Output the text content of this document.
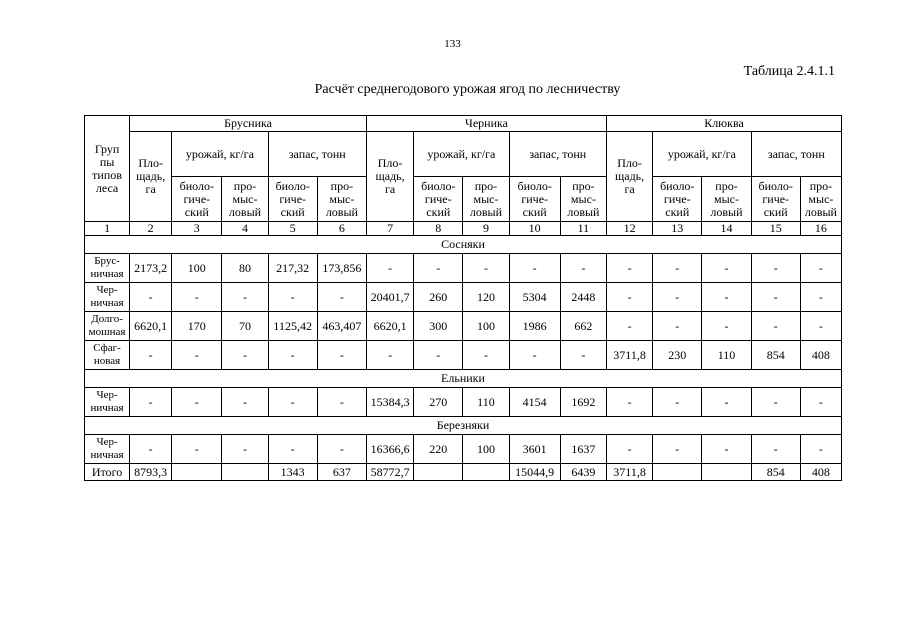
133
Таблица 2.4.1.1
Расчёт среднегодового урожая ягод по лесничеству
Груп пы типов леса	Брусника					Черника					Клюква				
	Пло-щадь, га	урожай, кг/га		запас, тонн		Пло-щадь, га	урожай, кг/га		запас, тонн		Пло-щадь, га	урожай, кг/га		запас, тонн	
		биоло-гиче-ский	про-мыс-ловый	биоло-гиче-ский	про-мыс-ловый		биоло-гиче-ский	про-мыс-ловый	биоло-гиче-ский	про-мыс-ловый		биоло-гиче-ский	про-мыс-ловый	биоло-гиче-ский	про-мыс-ловый
1	2	3	4	5	6	7	8	9	10	11	12	13	14	15	16
Сосняки															
Брус-ничная	2173,2	100	80	217,32	173,856	-	-	-	-	-	-	-	-	-	-
Чер-ничная	-	-	-	-	-	20401,7	260	120	5304	2448	-	-	-	-	-
Долго-мошная	6620,1	170	70	1125,42	463,407	6620,1	300	100	1986	662	-	-	-	-	-
Сфаг-новая	-	-	-	-	-	-	-	-	-	-	3711,8	230	110	854	408
Ельники															
Чер-ничная	-	-	-	-	-	15384,3	270	110	4154	1692	-	-	-	-	-
Березняки															
Чер-ничная	-	-	-	-	-	16366,6	220	100	3601	1637	-	-	-	-	-
Итого	8793,3			1343	637	58772,7			15044,9	6439	3711,8			854	408
